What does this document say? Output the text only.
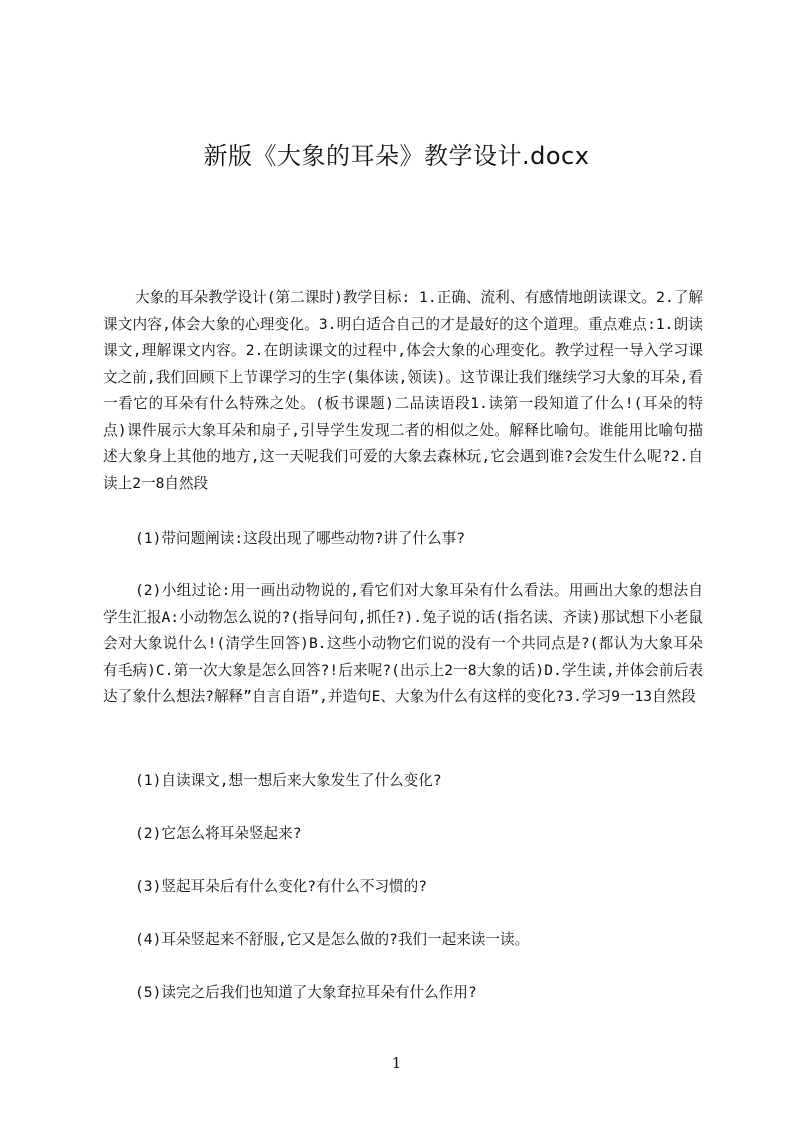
新版《大象的耳朵》教学设计.docx

大象的耳朵教学设计(第二课时)教学目标: 1.正确、流利、有感情地朗读课文。2.了解课文内容,体会大象的心理变化。3.明白适合自己的才是最好的这个道理。重点难点:1.朗读课文,理解课文内容。2.在朗读课文的过程中,体会大象的心理变化。教学过程一导入学习课文之前,我们回顾下上节课学习的生字(集体读,领读)。这节课让我们继续学习大象的耳朵,看一看它的耳朵有什么特殊之处。(板书课题)二品读语段1.读第一段知道了什么!(耳朵的特点)课件展示大象耳朵和扇子,引导学生发现二者的相似之处。解释比喻句。谁能用比喻句描述大象身上其他的地方,这一天呢我们可爱的大象去森林玩,它会遇到谁?会发生什么呢?2.自读上2一8自然段

(1)带问题阐读:这段出现了哪些动物?讲了什么事?

(2)小组过论:用一画出动物说的,看它们对大象耳朵有什么看法。用画出大象的想法自学生汇报A:小动物怎么说的?(指导问句,抓任?).兔子说的话(指名读、齐读)那试想下小老鼠会对大象说什么!(清学生回答)B.这些小动物它们说的没有一个共同点是?(都认为大象耳朵有毛病)C.第一次大象是怎么回答?!后来呢?(出示上2一8大象的话)D.学生读,并体会前后表达了象什么想法?解释”自言自语”,并造句E、大象为什么有这样的变化?3.学习9一13自然段

(1)自读课文,想一想后来大象发生了什么变化?

(2)它怎么将耳朵竖起来?

(3)竖起耳朵后有什么变化?有什么不习惯的?

(4)耳朵竖起来不舒服,它又是怎么做的?我们一起来读一读。

(5)读完之后我们也知道了大象耷拉耳朵有什么作用?

1
